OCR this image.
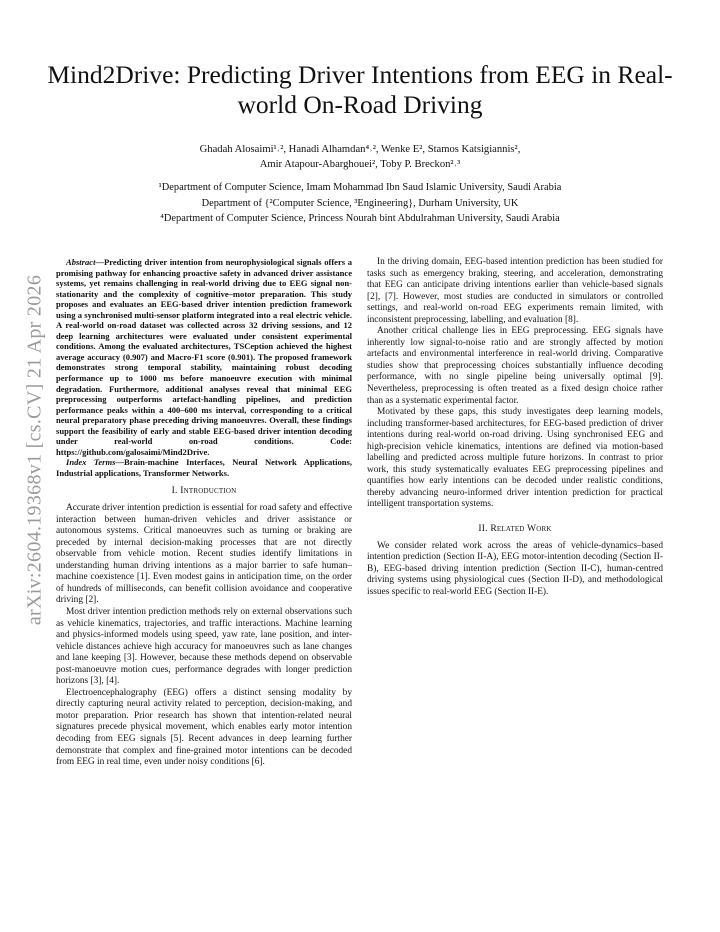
Mind2Drive: Predicting Driver Intentions from EEG in Real-world On-Road Driving
Ghadah Alosaimi¹˒², Hanadi Alhamdan⁴˒², Wenke E², Stamos Katsigiannis²,
Amir Atapour-Abarghouei², Toby P. Breckon²˒³
¹Department of Computer Science, Imam Mohammad Ibn Saud Islamic University, Saudi Arabia
Department of {²Computer Science, ³Engineering}, Durham University, UK
⁴Department of Computer Science, Princess Nourah bint Abdulrahman University, Saudi Arabia
arXiv:2604.19368v1 [cs.CV] 21 Apr 2026

Abstract—Predicting driver intention from neurophysiological signals offers a promising pathway for enhancing proactive safety in advanced driver assistance systems, yet remains challenging in real-world driving due to EEG signal non-stationarity and the complexity of cognitive–motor preparation. This study proposes and evaluates an EEG-based driver intention prediction framework using a synchronised multi-sensor platform integrated into a real electric vehicle. A real-world on-road dataset was collected across 32 driving sessions, and 12 deep learning architectures were evaluated under consistent experimental conditions. Among the evaluated architectures, TSCeption achieved the highest average accuracy (0.907) and Macro-F1 score (0.901). The proposed framework demonstrates strong temporal stability, maintaining robust decoding performance up to 1000 ms before manoeuvre execution with minimal degradation. Furthermore, additional analyses reveal that minimal EEG preprocessing outperforms artefact-handling pipelines, and prediction performance peaks within a 400–600 ms interval, corresponding to a critical neural preparatory phase preceding driving manoeuvres. Overall, these findings support the feasibility of early and stable EEG-based driver intention decoding under real-world on-road conditions. Code: https://github.com/galosaimi/Mind2Drive.

Index Terms—Brain-machine Interfaces, Neural Network Applications, Industrial applications, Transformer Networks.

I. Introduction

Accurate driver intention prediction is essential for road safety and effective interaction between human-driven vehicles and driver assistance or autonomous systems. Critical manoeuvres such as turning or braking are preceded by internal decision-making processes that are not directly observable from vehicle motion. Recent studies identify limitations in understanding human driving intentions as a major barrier to safe human–machine coexistence [1]. Even modest gains in anticipation time, on the order of hundreds of milliseconds, can benefit collision avoidance and cooperative driving [2].

Most driver intention prediction methods rely on external observations such as vehicle kinematics, trajectories, and traffic interactions. Machine learning and physics-informed models using speed, yaw rate, lane position, and inter-vehicle distances achieve high accuracy for manoeuvres such as lane changes and lane keeping [3]. However, because these methods depend on observable post-manoeuvre motion cues, performance degrades with longer prediction horizons [3], [4].

Electroencephalography (EEG) offers a distinct sensing modality by directly capturing neural activity related to perception, decision-making, and motor preparation. Prior research has shown that intention-related neural signatures precede physical movement, which enables early motor intention decoding from EEG signals [5]. Recent advances in deep learning further demonstrate that complex and fine-grained motor intentions can be decoded from EEG in real time, even under noisy conditions [6].

In the driving domain, EEG-based intention prediction has been studied for tasks such as emergency braking, steering, and acceleration, demonstrating that EEG can anticipate driving intentions earlier than vehicle-based signals [2], [7]. However, most studies are conducted in simulators or controlled settings, and real-world on-road EEG experiments remain limited, with inconsistent preprocessing, labelling, and evaluation [8].

Another critical challenge lies in EEG preprocessing. EEG signals have inherently low signal-to-noise ratio and are strongly affected by motion artefacts and environmental interference in real-world driving. Comparative studies show that preprocessing choices substantially influence decoding performance, with no single pipeline being universally optimal [9]. Nevertheless, preprocessing is often treated as a fixed design choice rather than as a systematic experimental factor.

Motivated by these gaps, this study investigates deep learning models, including transformer-based architectures, for EEG-based prediction of driver intentions during real-world on-road driving. Using synchronised EEG and high-precision vehicle kinematics, intentions are defined via motion-based labelling and predicted across multiple future horizons. In contrast to prior work, this study systematically evaluates EEG preprocessing pipelines and quantifies how early intentions can be decoded under realistic conditions, thereby advancing neuro-informed driver intention prediction for practical intelligent transportation systems.

II. Related Work

We consider related work across the areas of vehicle-dynamics–based intention prediction (Section II-A), EEG motor-intention decoding (Section II-B), EEG-based driving intention prediction (Section II-C), human-centred driving systems using physiological cues (Section II-D), and methodological issues specific to real-world EEG (Section II-E).
